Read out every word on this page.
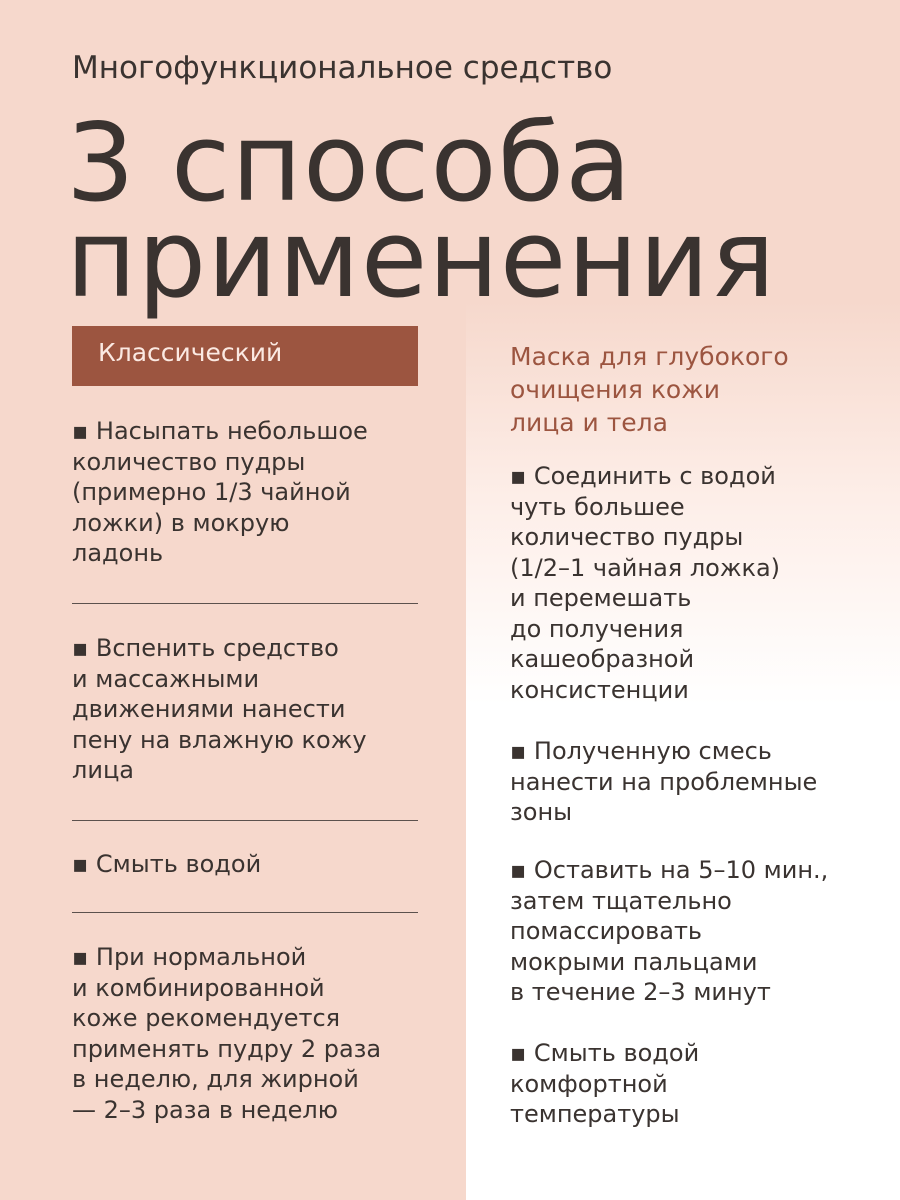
Многофункциональное средство
3 способа
применения
Классический
▪ Насыпать небольшое
количество пудры
(примерно 1/3 чайной
ложки) в мокрую
ладонь
▪ Вспенить средство
и массажными
движениями нанести
пену на влажную кожу
лица
▪ Смыть водой
▪ При нормальной
и комбинированной
коже рекомендуется
применять пудру 2 раза
в неделю, для жирной
— 2–3 раза в неделю
Маска для глубокого
очищения кожи
лица и тела
▪ Соединить с водой
чуть большее
количество пудры
(1/2–1 чайная ложка)
и перемешать
до получения
кашеобразной
консистенции
▪ Полученную смесь
нанести на проблемные
зоны
▪ Оставить на 5–10 мин.,
затем тщательно
помассировать
мокрыми пальцами
в течение 2–3 минут
▪ Смыть водой
комфортной
температуры
